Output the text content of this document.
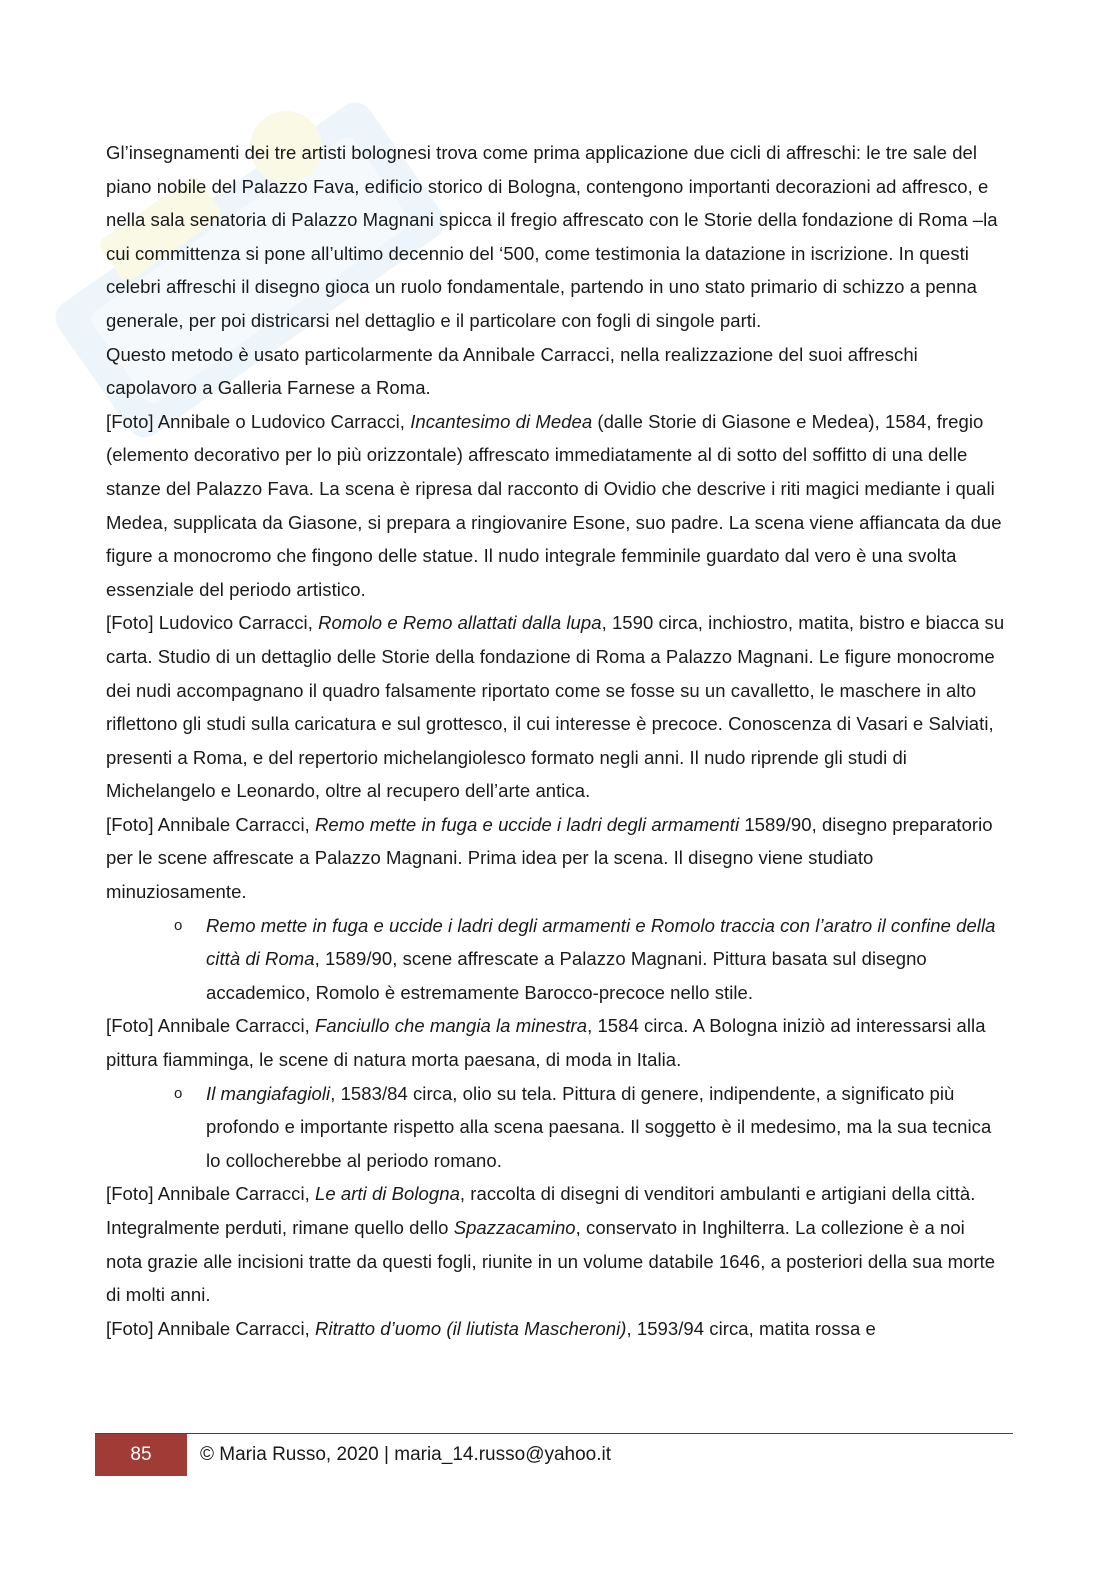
Gl’insegnamenti dei tre artisti bolognesi trova come prima applicazione due cicli di affreschi: le tre sale del piano nobile del Palazzo Fava, edificio storico di Bologna, contengono importanti decorazioni ad affresco, e nella sala senatoria di Palazzo Magnani spicca il fregio affrescato con le Storie della fondazione di Roma –la cui committenza si pone all’ultimo decennio del ‘500, come testimonia la datazione in iscrizione. In questi celebri affreschi il disegno gioca un ruolo fondamentale, partendo in uno stato primario di schizzo a penna generale, per poi districarsi nel dettaglio e il particolare con fogli di singole parti.

Questo metodo è usato particolarmente da Annibale Carracci, nella realizzazione del suoi affreschi capolavoro a Galleria Farnese a Roma.

[Foto] Annibale o Ludovico Carracci, Incantesimo di Medea (dalle Storie di Giasone e Medea), 1584, fregio (elemento decorativo per lo più orizzontale) affrescato immediatamente al di sotto del soffitto di una delle stanze del Palazzo Fava. La scena è ripresa dal racconto di Ovidio che descrive i riti magici mediante i quali Medea, supplicata da Giasone, si prepara a ringiovanire Esone, suo padre. La scena viene affiancata da due figure a monocromo che fingono delle statue. Il nudo integrale femminile guardato dal vero è una svolta essenziale del periodo artistico.

[Foto] Ludovico Carracci, Romolo e Remo allattati dalla lupa, 1590 circa, inchiostro, matita, bistro e biacca su carta. Studio di un dettaglio delle Storie della fondazione di Roma a Palazzo Magnani. Le figure monocrome dei nudi accompagnano il quadro falsamente riportato come se fosse su un cavalletto, le maschere in alto riflettono gli studi sulla caricatura e sul grottesco, il cui interesse è precoce. Conoscenza di Vasari e Salviati, presenti a Roma, e del repertorio michelangiolesco formato negli anni. Il nudo riprende gli studi di Michelangelo e Leonardo, oltre al recupero dell’arte antica.

[Foto] Annibale Carracci, Remo mette in fuga e uccide i ladri degli armamenti 1589/90, disegno preparatorio per le scene affrescate a Palazzo Magnani. Prima idea per la scena. Il disegno viene studiato minuziosamente.

o Remo mette in fuga e uccide i ladri degli armamenti e Romolo traccia con l’aratro il confine della città di Roma, 1589/90, scene affrescate a Palazzo Magnani. Pittura basata sul disegno accademico, Romolo è estremamente Barocco-precoce nello stile.

[Foto] Annibale Carracci, Fanciullo che mangia la minestra, 1584 circa. A Bologna iniziò ad interessarsi alla pittura fiamminga, le scene di natura morta paesana, di moda in Italia.

o Il mangiafagioli, 1583/84 circa, olio su tela. Pittura di genere, indipendente, a significato più profondo e importante rispetto alla scena paesana. Il soggetto è il medesimo, ma la sua tecnica lo collocherebbe al periodo romano.

[Foto] Annibale Carracci, Le arti di Bologna, raccolta di disegni di venditori ambulanti e artigiani della città. Integralmente perduti, rimane quello dello Spazzacamino, conservato in Inghilterra. La collezione è a noi nota grazie alle incisioni tratte da questi fogli, riunite in un volume databile 1646, a posteriori della sua morte di molti anni.

[Foto] Annibale Carracci, Ritratto d’uomo (il liutista Mascheroni), 1593/94 circa, matita rossa e

85	© Maria Russo, 2020 | maria_14.russo@yahoo.it
